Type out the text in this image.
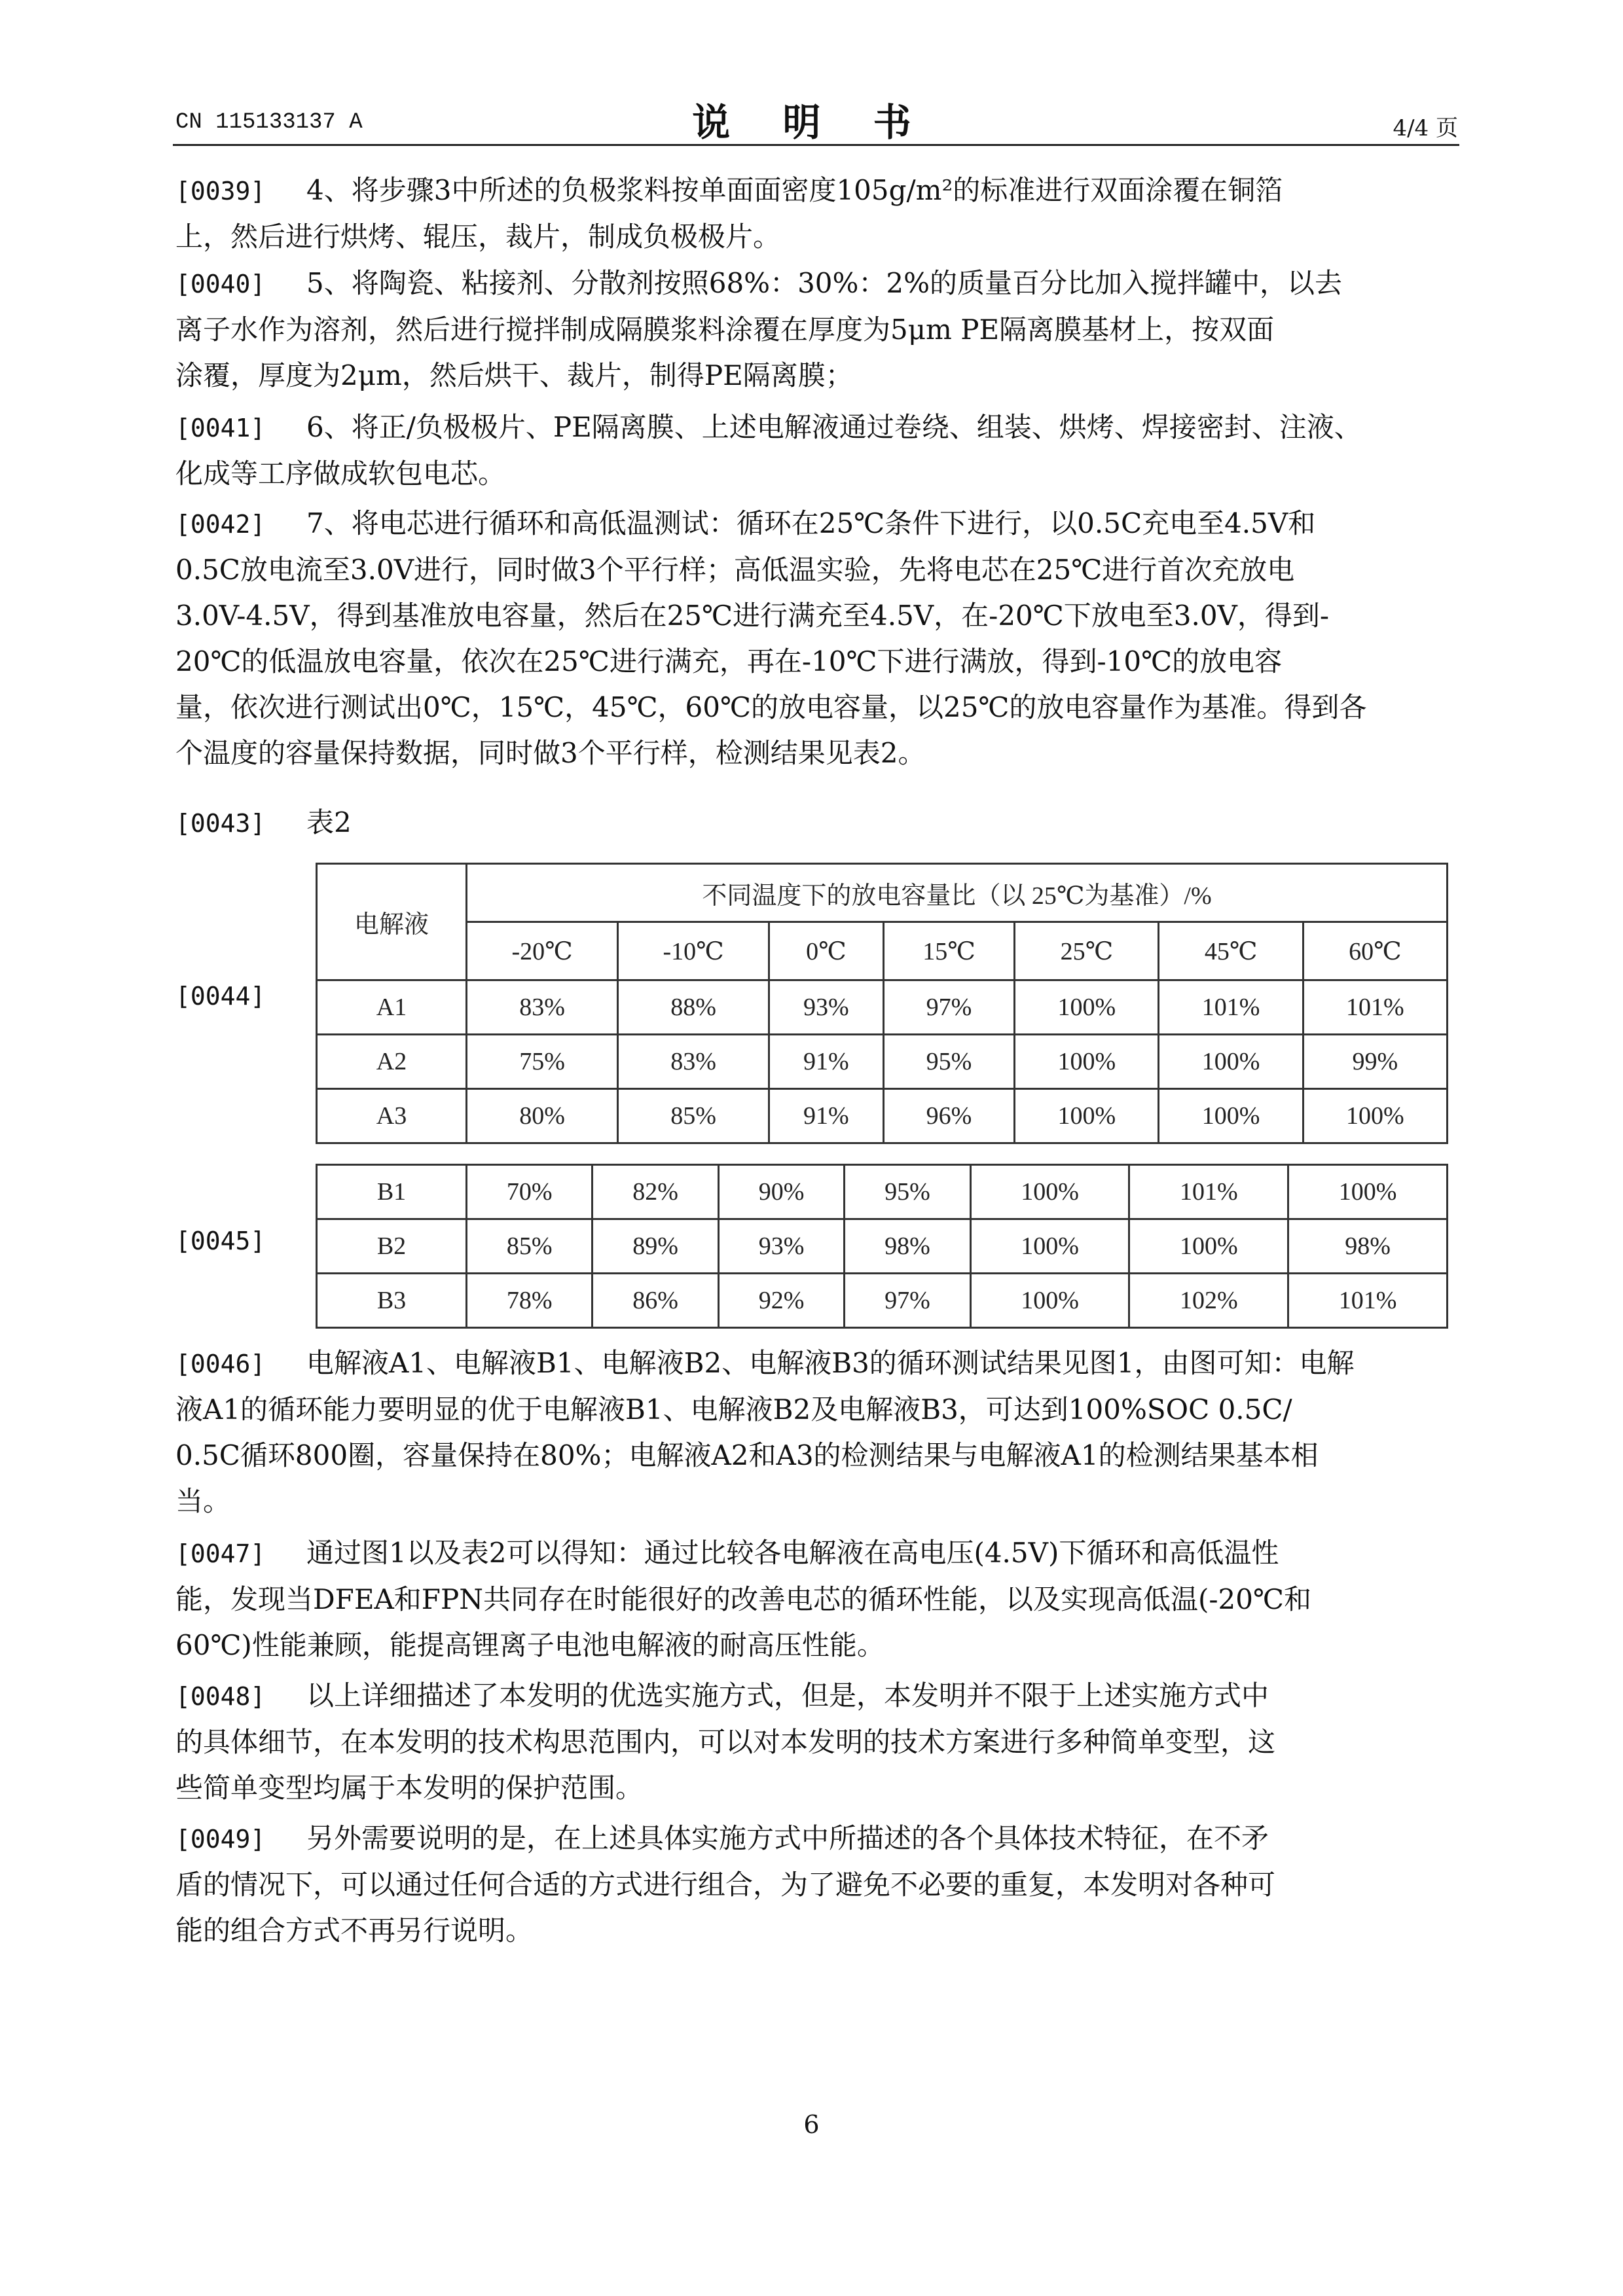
CN 115133137 A	说 明 书	4/4 页

[0039] 4、将步骤3中所述的负极浆料按单面面密度105g/m²的标准进行双面涂覆在铜箔
上，然后进行烘烤、辊压，裁片，制成负极极片。

[0040] 5、将陶瓷、粘接剂、分散剂按照68%：30%：2%的质量百分比加入搅拌罐中，以去
离子水作为溶剂，然后进行搅拌制成隔膜浆料涂覆在厚度为5μm PE隔离膜基材上，按双面
涂覆，厚度为2μm，然后烘干、裁片，制得PE隔离膜；

[0041] 6、将正/负极极片、PE隔离膜、上述电解液通过卷绕、组装、烘烤、焊接密封、注液、
化成等工序做成软包电芯。

[0042] 7、将电芯进行循环和高低温测试：循环在25℃条件下进行，以0.5C充电至4.5V和
0.5C放电流至3.0V进行，同时做3个平行样；高低温实验，先将电芯在25℃进行首次充放电
3.0V-4.5V，得到基准放电容量，然后在25℃进行满充至4.5V，在-20℃下放电至3.0V，得到-
20℃的低温放电容量，依次在25℃进行满充，再在-10℃下进行满放，得到-10℃的放电容
量，依次进行测试出0℃，15℃，45℃，60℃的放电容量，以25℃的放电容量作为基准。得到各
个温度的容量保持数据，同时做3个平行样，检测结果见表2。

[0043] 表2

[0044]
电解液	不同温度下的放电容量比（以 25℃为基准）/%						
	-20℃	-10℃	0℃	15℃	25℃	45℃	60℃
A1	83%	88%	93%	97%	100%	101%	101%
A2	75%	83%	91%	95%	100%	100%	99%
A3	80%	85%	91%	96%	100%	100%	100%
[0045]
B1	70%	82%	90%	95%	100%	101%	100%
B2	85%	89%	93%	98%	100%	100%	98%
B3	78%	86%	92%	97%	100%	102%	101%

[0046] 电解液A1、电解液B1、电解液B2、电解液B3的循环测试结果见图1，由图可知：电解
液A1的循环能力要明显的优于电解液B1、电解液B2及电解液B3，可达到100%SOC 0.5C/
0.5C循环800圈，容量保持在80%；电解液A2和A3的检测结果与电解液A1的检测结果基本相
当。

[0047] 通过图1以及表2可以得知：通过比较各电解液在高电压(4.5V)下循环和高低温性
能，发现当DFEA和FPN共同存在时能很好的改善电芯的循环性能，以及实现高低温(-20℃和
60℃)性能兼顾，能提高锂离子电池电解液的耐高压性能。

[0048] 以上详细描述了本发明的优选实施方式，但是，本发明并不限于上述实施方式中
的具体细节，在本发明的技术构思范围内，可以对本发明的技术方案进行多种简单变型，这
些简单变型均属于本发明的保护范围。

[0049] 另外需要说明的是，在上述具体实施方式中所描述的各个具体技术特征，在不矛
盾的情况下，可以通过任何合适的方式进行组合，为了避免不必要的重复，本发明对各种可
能的组合方式不再另行说明。

6
